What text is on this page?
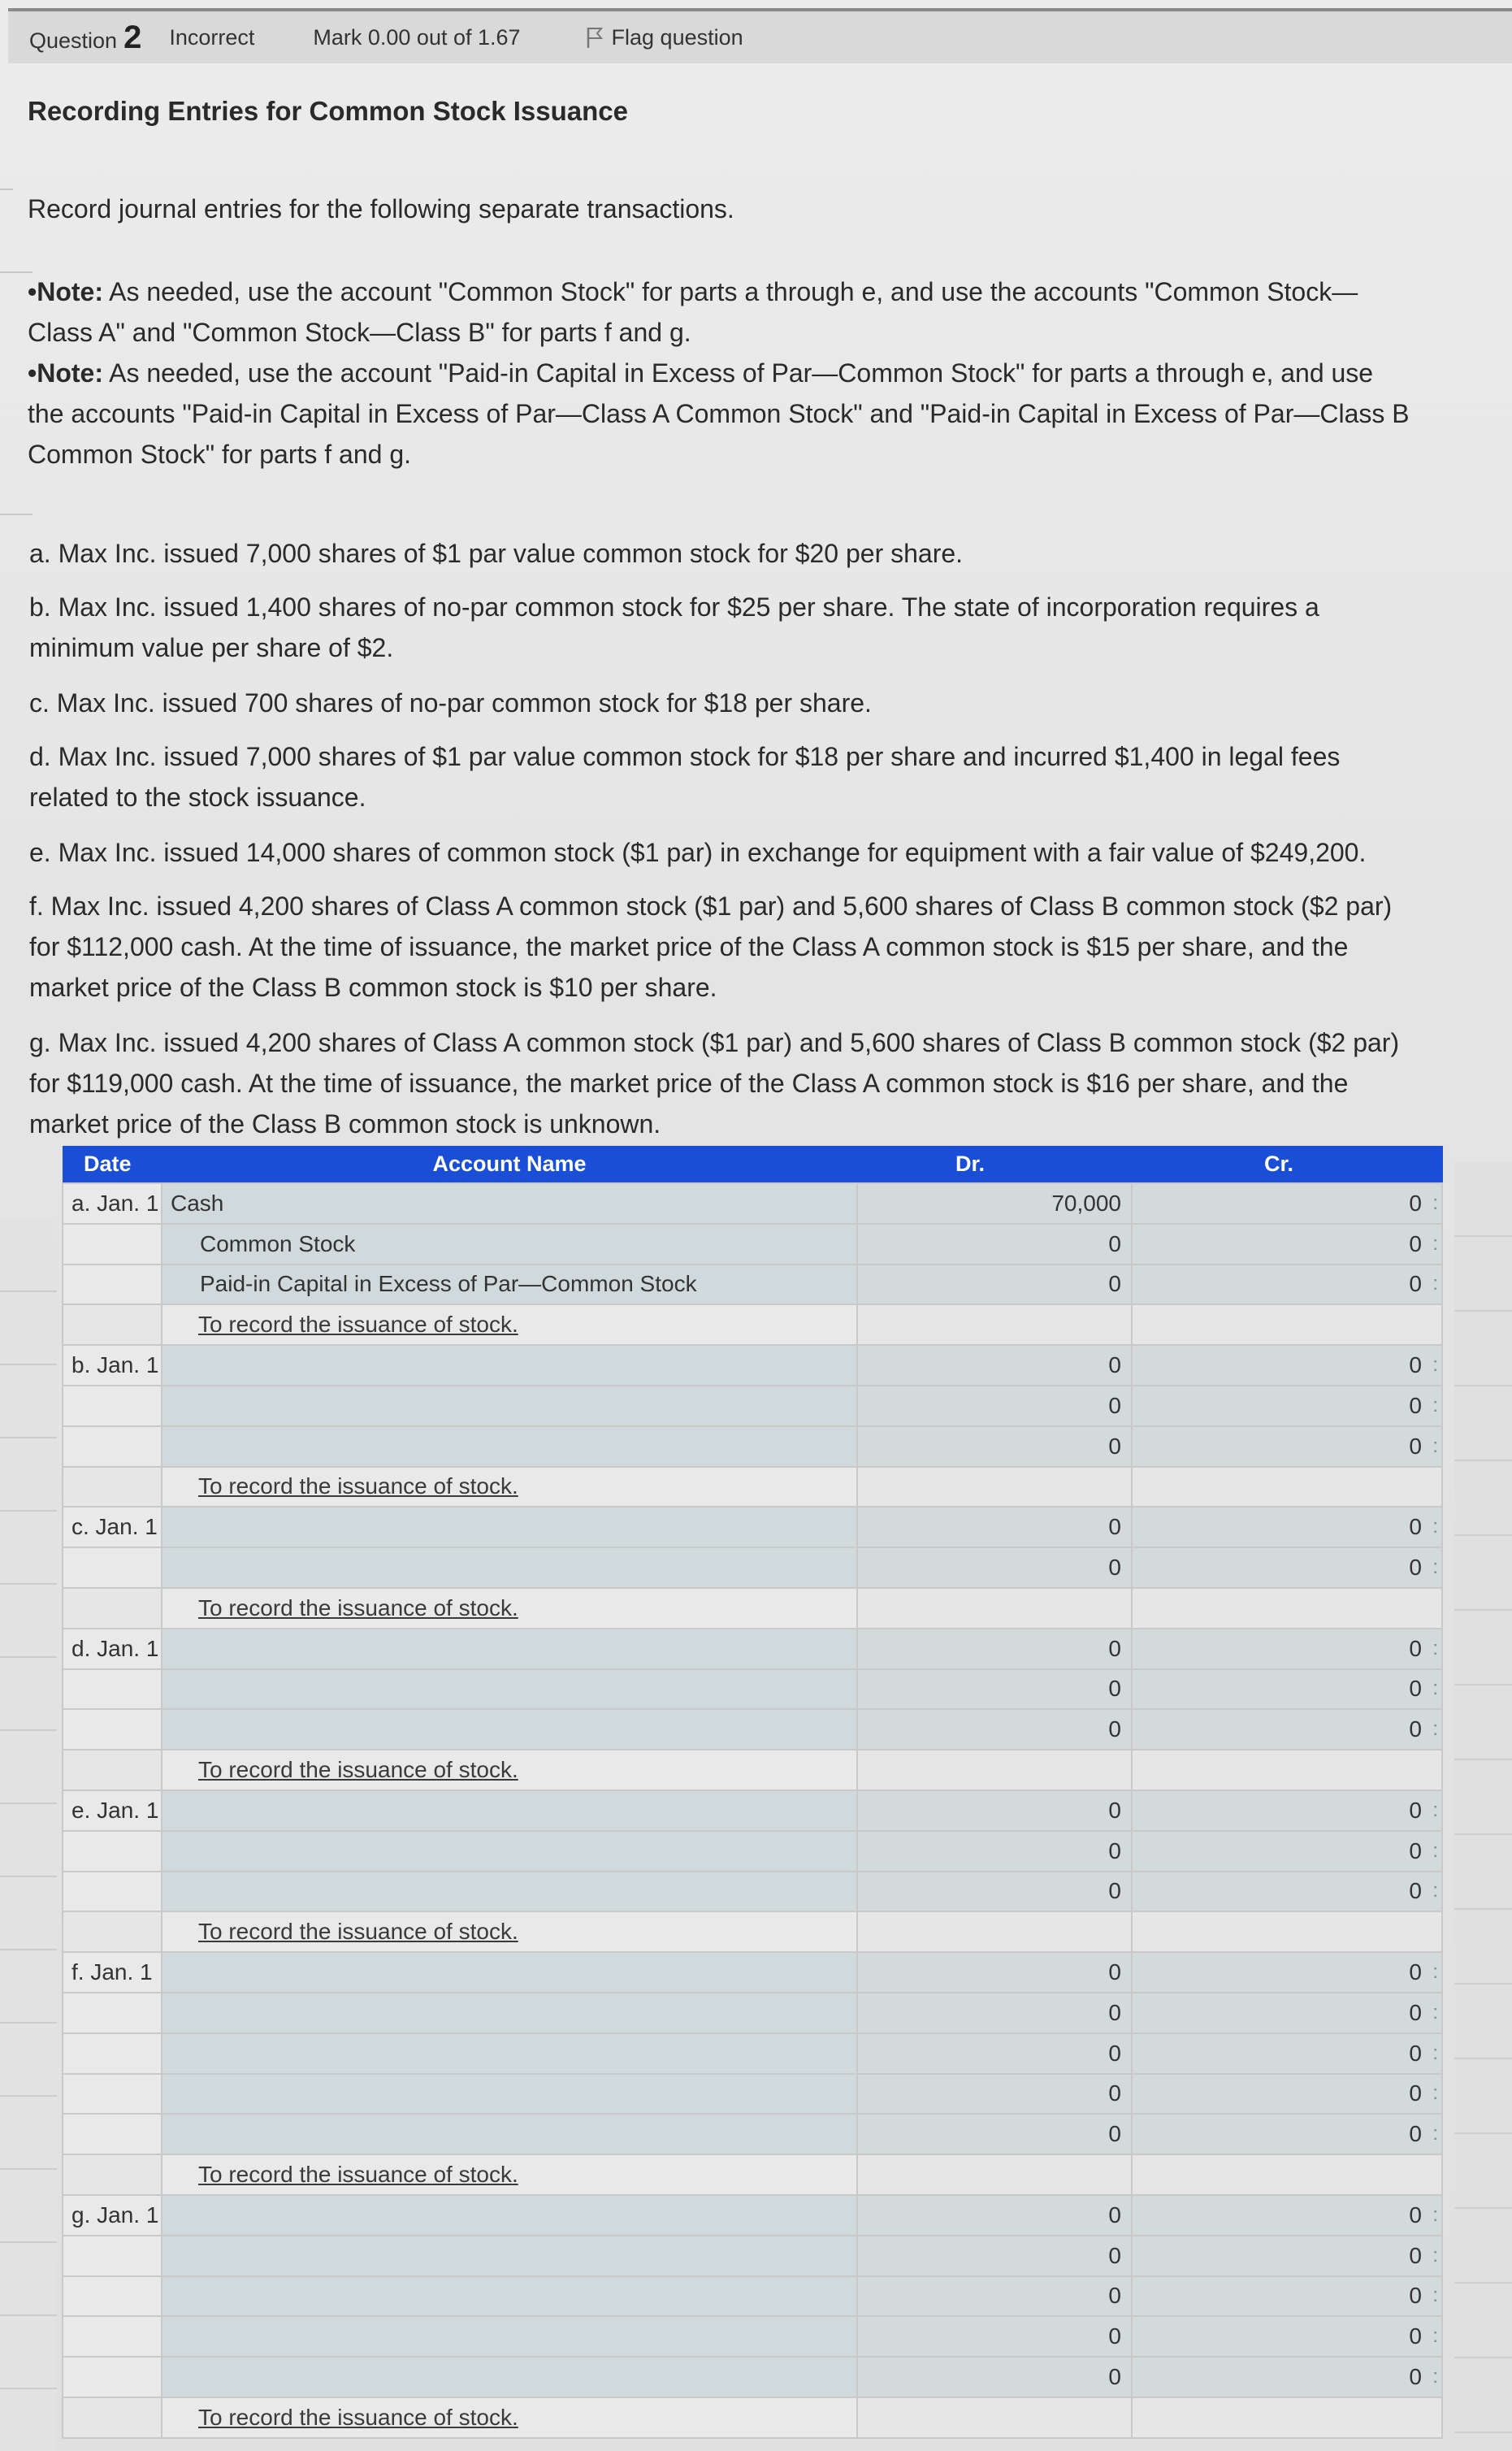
Question 2 Incorrect	Mark 0.00 out of 1.67	Flag question
Recording Entries for Common Stock Issuance
Record journal entries for the following separate transactions.
•Note: As needed, use the account "Common Stock" for parts a through e, and use the accounts "Common Stock—
Class A" and "Common Stock—Class B" for parts f and g.
•Note: As needed, use the account "Paid-in Capital in Excess of Par—Common Stock" for parts a through e, and use
the accounts "Paid-in Capital in Excess of Par—Class A Common Stock" and "Paid-in Capital in Excess of Par—Class B
Common Stock" for parts f and g.
a. Max Inc. issued 7,000 shares of $1 par value common stock for $20 per share.
b. Max Inc. issued 1,400 shares of no-par common stock for $25 per share. The state of incorporation requires a
minimum value per share of $2.
c. Max Inc. issued 700 shares of no-par common stock for $18 per share.
d. Max Inc. issued 7,000 shares of $1 par value common stock for $18 per share and incurred $1,400 in legal fees
related to the stock issuance.
e. Max Inc. issued 14,000 shares of common stock ($1 par) in exchange for equipment with a fair value of $249,200.
f. Max Inc. issued 4,200 shares of Class A common stock ($1 par) and 5,600 shares of Class B common stock ($2 par)
for $112,000 cash. At the time of issuance, the market price of the Class A common stock is $15 per share, and the
market price of the Class B common stock is $10 per share.
g. Max Inc. issued 4,200 shares of Class A common stock ($1 par) and 5,600 shares of Class B common stock ($2 par)
for $119,000 cash. At the time of issuance, the market price of the Class A common stock is $16 per share, and the
market price of the Class B common stock is unknown.
Date	Account Name	Dr.	Cr.
a. Jan. 1	Cash	70,000	0 :
	Common Stock	0	0 :
	Paid-in Capital in Excess of Par—Common Stock	0	0 :
	To record the issuance of stock.		
b. Jan. 1		0	0 :
		0	0 :
		0	0 :
	To record the issuance of stock.		
c. Jan. 1		0	0 :
		0	0 :
	To record the issuance of stock.		
d. Jan. 1		0	0 :
		0	0 :
		0	0 :
	To record the issuance of stock.		
e. Jan. 1		0	0 :
		0	0 :
		0	0 :
	To record the issuance of stock.		
f. Jan. 1		0	0 :
		0	0 :
		0	0 :
		0	0 :
		0	0 :
	To record the issuance of stock.		
g. Jan. 1		0	0 :
		0	0 :
		0	0 :
		0	0 :
		0	0 :
	To record the issuance of stock.		
